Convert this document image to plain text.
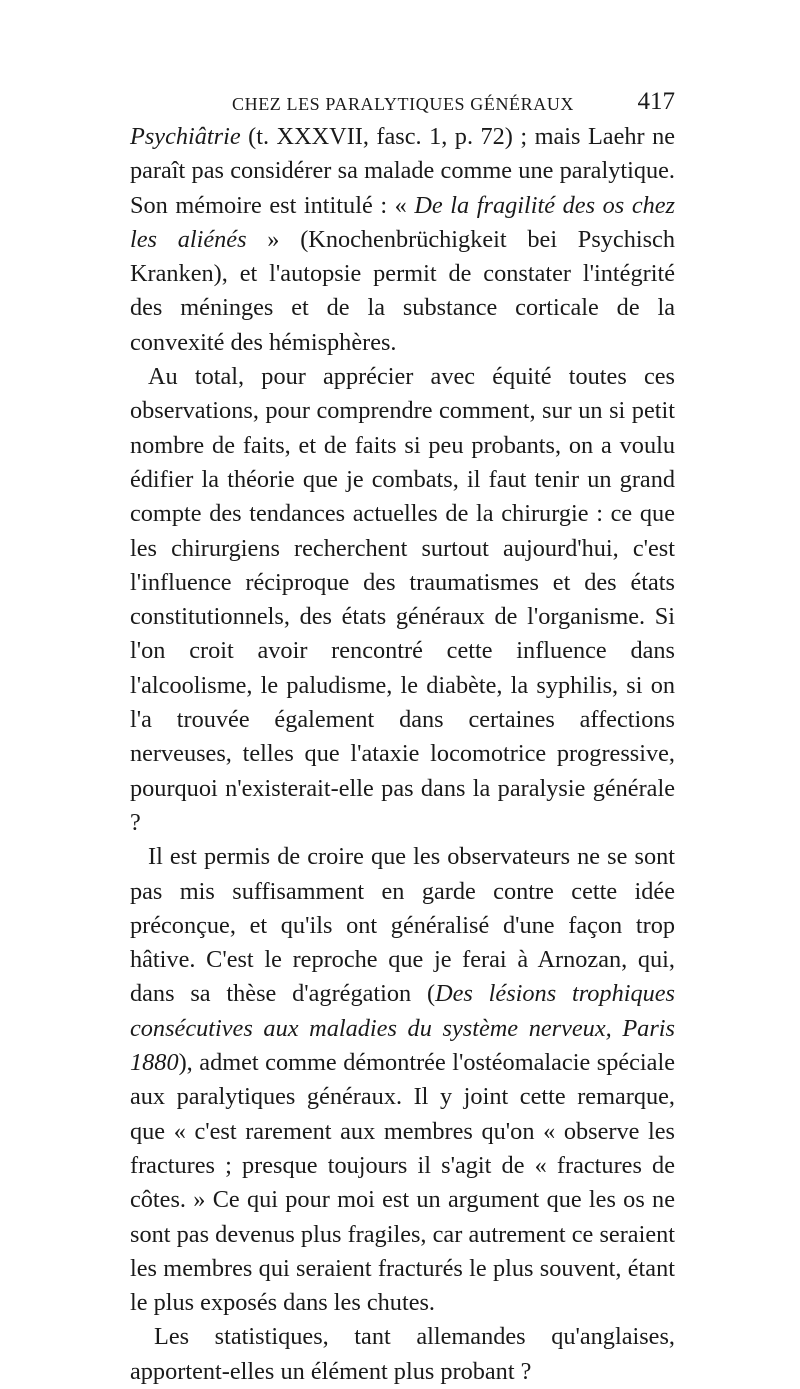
CHEZ LES PARALYTIQUES GÉNÉRAUX	417

Psychiâtrie (t. XXXVII, fasc. 1, p. 72) ; mais Laehr ne paraît pas considérer sa malade comme une paralytique. Son mémoire est intitulé : « De la fragilité des os chez les aliénés » (Knochenbrüchigkeit bei Psychisch Kranken), et l'autopsie permit de constater l'intégrité des méninges et de la substance corticale de la convexité des hémisphères.

Au total, pour apprécier avec équité toutes ces observations, pour comprendre comment, sur un si petit nombre de faits, et de faits si peu probants, on a voulu édifier la théorie que je combats, il faut tenir un grand compte des tendances actuelles de la chirurgie : ce que les chirurgiens recherchent surtout aujourd'hui, c'est l'influence réciproque des traumatismes et des états constitutionnels, des états généraux de l'organisme. Si l'on croit avoir rencontré cette influence dans l'alcoolisme, le paludisme, le diabète, la syphilis, si on l'a trouvée également dans certaines affections nerveuses, telles que l'ataxie locomotrice progressive, pourquoi n'existerait-elle pas dans la paralysie générale ?

Il est permis de croire que les observateurs ne se sont pas mis suffisamment en garde contre cette idée préconçue, et qu'ils ont généralisé d'une façon trop hâtive. C'est le reproche que je ferai à Arnozan, qui, dans sa thèse d'agrégation (Des lésions trophiques consécutives aux maladies du système nerveux, Paris 1880), admet comme démontrée l'ostéomalacie spéciale aux paralytiques généraux. Il y joint cette remarque, que « c'est rarement aux membres qu'on « observe les fractures ; presque toujours il s'agit de « fractures de côtes. » Ce qui pour moi est un argument que les os ne sont pas devenus plus fragiles, car autrement ce seraient les membres qui seraient fracturés le plus souvent, étant le plus exposés dans les chutes.

Les statistiques, tant allemandes qu'anglaises, apportent-elles un élément plus probant ?
